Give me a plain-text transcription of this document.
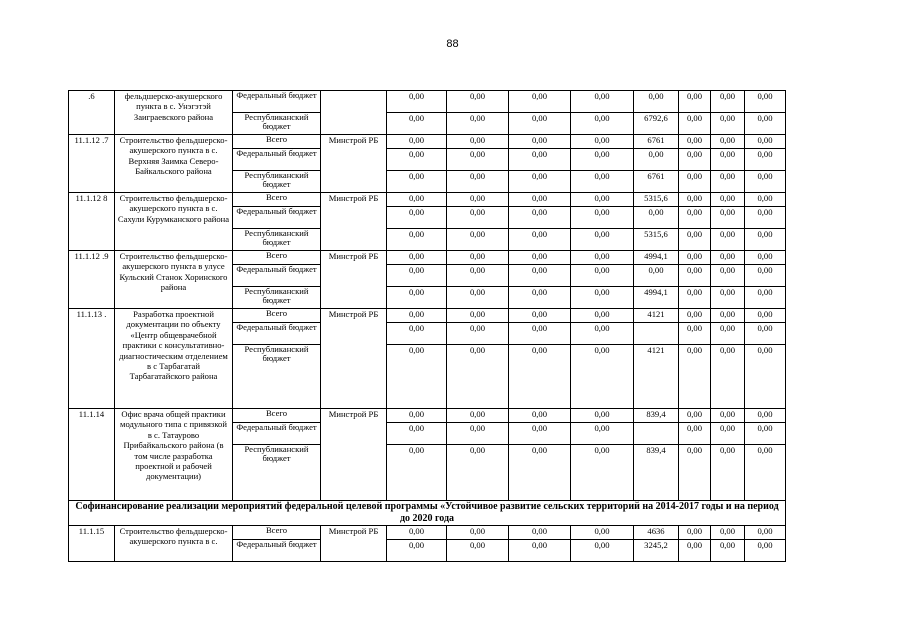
88
.6	фельдшерско-акушерского пункта в с. Унэгэтэй Заиграевского района	Федеральный бюджет		0,00	0,00	0,00	0,00	0,00	0,00	0,00	0,00
		Республиканский бюджет		0,00	0,00	0,00	0,00	6792,6	0,00	0,00	0,00
11.1.12 .7	Строительство фельдшерско-акушерского пункта в с. Верхняя Заимка Северо-Байкальского района	Всего	Минстрой РБ	0,00	0,00	0,00	0,00	6761	0,00	0,00	0,00
		Федеральный бюджет		0,00	0,00	0,00	0,00	0,00	0,00	0,00	0,00
		Республиканский бюджет		0,00	0,00	0,00	0,00	6761	0,00	0,00	0,00
11.1.12 8	Строительство фельдшерско-акушерского пункта в с. Сахули Курумканского района	Всего	Минстрой РБ	0,00	0,00	0,00	0,00	5315,6	0,00	0,00	0,00
		Федеральный бюджет		0,00	0,00	0,00	0,00	0,00	0,00	0,00	0,00
		Республиканский бюджет		0,00	0,00	0,00	0,00	5315,6	0,00	0,00	0,00
11.1.12 .9	Строительство фельдшерско-акушерского пункта в улусе Кульский Станок Хоринского района	Всего	Минстрой РБ	0,00	0,00	0,00	0,00	4994,1	0,00	0,00	0,00
		Федеральный бюджет		0,00	0,00	0,00	0,00	0,00	0,00	0,00	0,00
		Республиканский бюджет		0,00	0,00	0,00	0,00	4994,1	0,00	0,00	0,00
11.1.13 .	Разработка проектной документации по объекту «Центр общеврачебной практики с консультативно-диагностическим отделением в с Тарбагатай Тарбагатайского района	Всего	Минстрой РБ	0,00	0,00	0,00	0,00	4121	0,00	0,00	0,00
		Федеральный бюджет		0,00	0,00	0,00	0,00		0,00	0,00	0,00
		Республиканский бюджет		0,00	0,00	0,00	0,00	4121	0,00	0,00	0,00
11.1.14	Офис врача общей практики модульного типа с привязкой в с. Татаурово Прибайкальского района (в том числе разработка проектной и рабочей документации)	Всего	Минстрой РБ	0,00	0,00	0,00	0,00	839,4	0,00	0,00	0,00
		Федеральный бюджет		0,00	0,00	0,00	0,00		0,00	0,00	0,00
		Республиканский бюджет		0,00	0,00	0,00	0,00	839,4	0,00	0,00	0,00
Софинансирование реализации мероприятий федеральной целевой программы «Устойчивое развитие сельских территорий на 2014-2017 годы и на период до 2020 года											
11.1.15	Строительство фельдшерско-акушерского пункта в с.	Всего	Минстрой РБ	0,00	0,00	0,00	0,00	4636	0,00	0,00	0,00
		Федеральный бюджет		0,00	0,00	0,00	0,00	3245,2	0,00	0,00	0,00
